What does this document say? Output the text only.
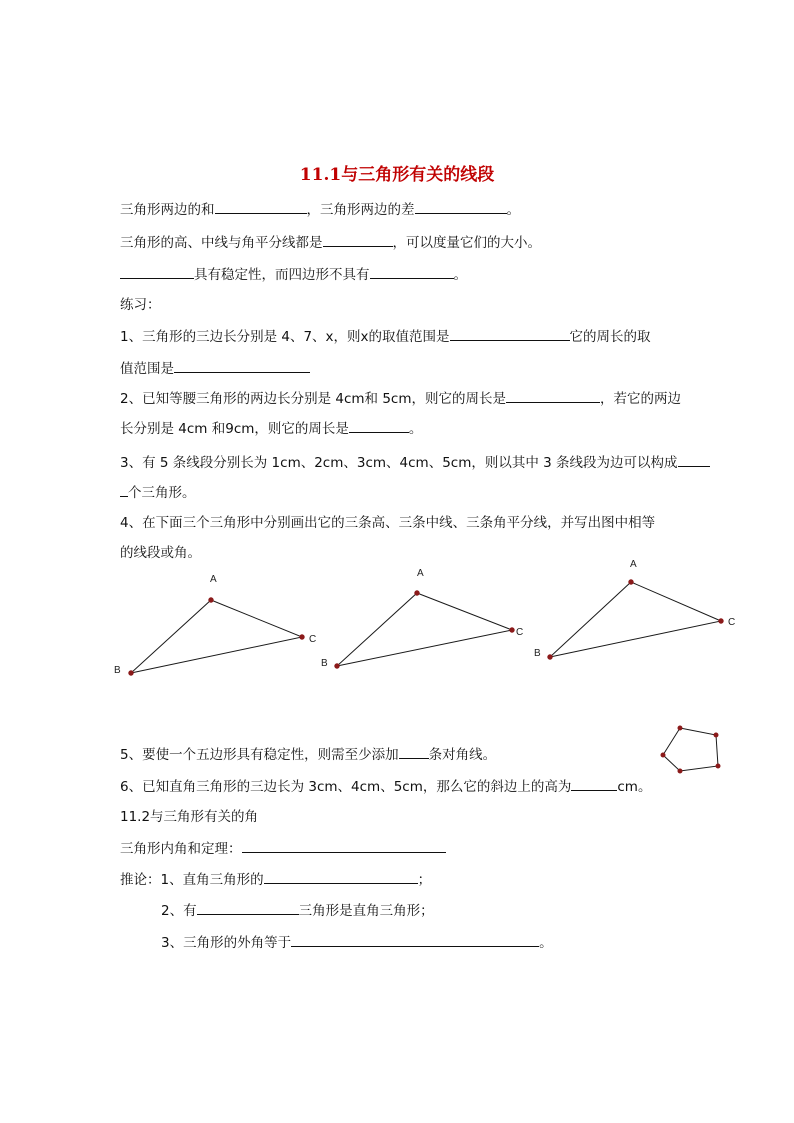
11.1与三角形有关的线段
三角形两边的和	，三角形两边的差	。
三角形的高、中线与角平分线都是	，可以度量它们的大小。
具有稳定性，而四边形不具有	。
练习：
1、三角形的三边长分别是 4、7、x，则x的取值范围是	它的周长的取
值范围是
2、已知等腰三角形的两边长分别是 4cm和 5cm，则它的周长是	，若它的两边
长分别是 4cm 和9cm，则它的周长是	。
3、有 5 条线段分别长为 1cm、2cm、3cm、4cm、5cm，则以其中 3 条线段为边可以构成
个三角形。
4、在下面三个三角形中分别画出它的三条高、三条中线、三条角平分线，并写出图中相等
的线段或角。
A
C
B
A
C
B
A
C
B
5、要使一个五边形具有稳定性，则需至少添加 条对角线。
6、已知直角三角形的三边长为 3cm、4cm、5cm，那么它的斜边上的高为	cm。
11.2与三角形有关的角
三角形内角和定理：
推论：1、直角三角形的	；
2、有	三角形是直角三角形；
3、三角形的外角等于	。
